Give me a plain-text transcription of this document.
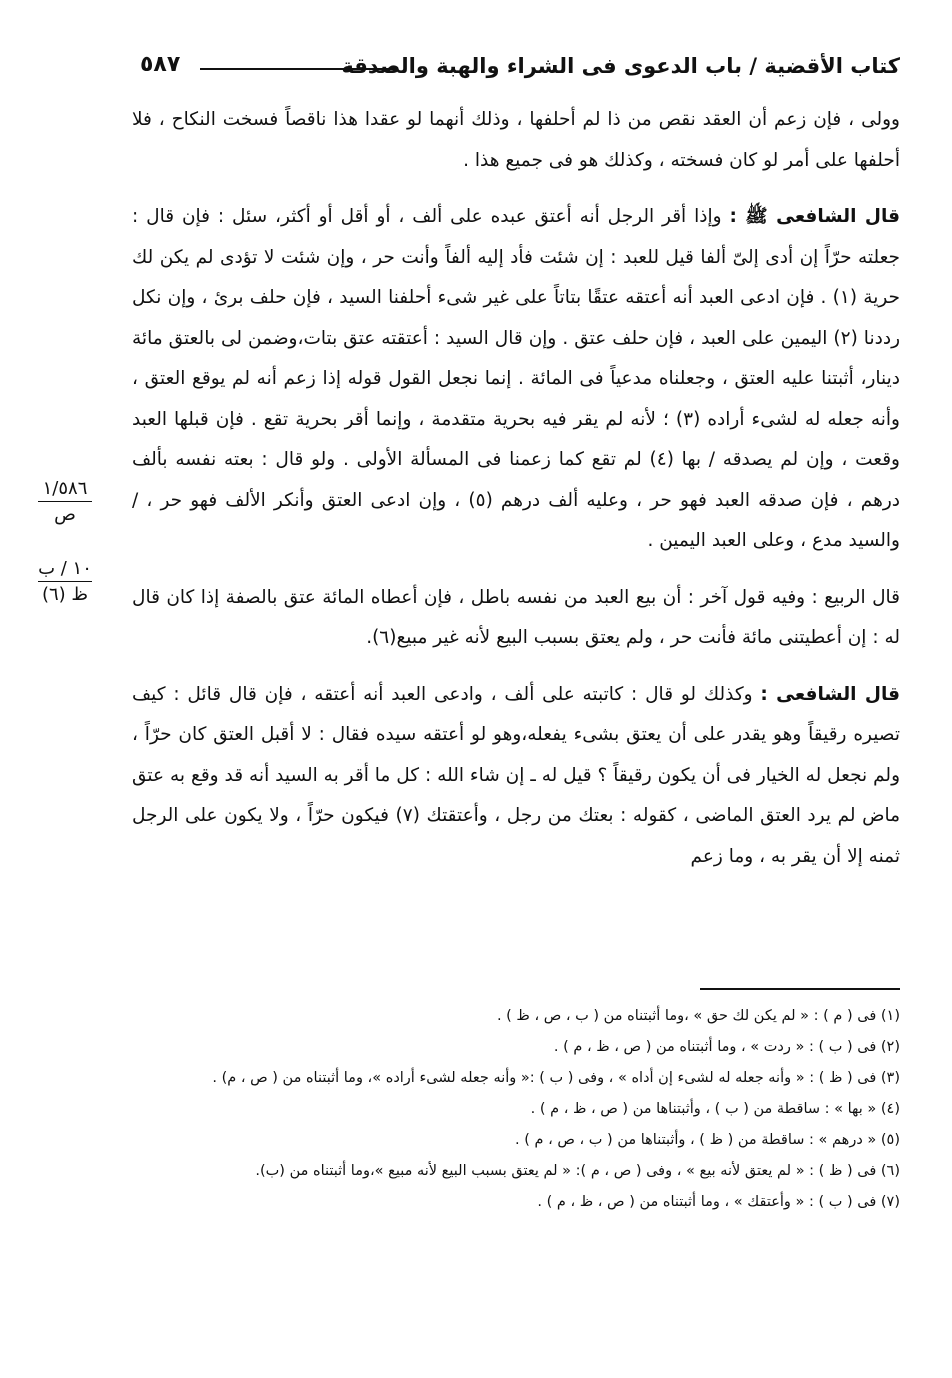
كتاب الأقضية / باب الدعوى فى الشراء والهبة والصدقة
٥٨٧

وولى ، فإن زعم أن العقد نقص من ذا لم أحلفها ، وذلك أنهما لو عقدا هذا ناقصاً فسخت النكاح ، فلا أحلفها على أمر لو كان فسخته ، وكذلك هو فى جميع هذا .

قال الشافعى ﷺ : وإذا أقر الرجل أنه أعتق عبده على ألف ، أو أقل أو أكثر، سئل : فإن قال : جعلته حرّاً إن أدى إلىّ ألفا قيل للعبد : إن شئت فأد إليه ألفاً وأنت حر ، وإن شئت لا تؤدى لم يكن لك حرية (١) . فإن ادعى العبد أنه أعتقه عتقًا بتاتاً على غير شىء أحلفنا السيد ، فإن حلف برئ ، وإن نكل رددنا (٢) اليمين على العبد ، فإن حلف عتق . وإن قال السيد : أعتقته عتق بتات،وضمن لى بالعتق مائة دينار، أثبتنا عليه العتق ، وجعلناه مدعياً فى المائة . إنما نجعل القول قوله إذا زعم أنه لم يوقع العتق ، وأنه جعله له لشىء أراده (٣) ؛ لأنه لم يقر فيه بحرية متقدمة ، وإنما أقر بحرية تقع . فإن قبلها العبد وقعت ، وإن لم يصدقه / بها (٤) لم تقع كما زعمنا فى المسألة الأولى . ولو قال : بعته نفسه بألف درهم ، فإن صدقه العبد فهو حر ، وعليه ألف درهم (٥) ، وإن ادعى العتق وأنكر الألف فهو حر ، / والسيد مدع ، وعلى العبد اليمين .

قال الربيع : وفيه قول آخر : أن بيع العبد من نفسه باطل ، فإن أعطاه المائة عتق بالصفة إذا كان قال له : إن أعطيتنى مائة فأنت حر ، ولم يعتق بسبب البيع لأنه غير مبيع(٦).

قال الشافعى : وكذلك لو قال : كاتبته على ألف ، وادعى العبد أنه أعتقه ، فإن قال قائل : كيف تصيره رقيقاً وهو يقدر على أن يعتق بشىء يفعله،وهو لو أعتقه سيده فقال : لا أقبل العتق كان حرّاً ، ولم نجعل له الخيار فى أن يكون رقيقاً ؟ قيل له ـ إن شاء الله : كل ما أقر به السيد أنه قد وقع به عتق ماض لم يرد العتق الماضى ، كقوله : بعتك من رجل ، وأعتقتك (٧) فيكون حرّاً ، ولا يكون على الرجل ثمنه إلا أن يقر به ، وما زعم

١/٥٨٦
ص
١٠ / ب
ظ (٦)
(١) فى ( م ) : « لم يكن لك حق » ،وما أثبتناه من ( ب ، ص ، ظ ) .
(٢) فى ( ب ) : « ردت » ، وما أثبتناه من ( ص ، ظ ، م ) .
(٣) فى ( ظ ) : « وأنه جعله له لشىء إن أداه » ، وفى ( ب ) :« وأنه جعله لشىء أراده »، وما أثبتناه من ( ص ، م) .
(٤) « بها » : ساقطة من ( ب ) ، وأثبتناها من ( ص ، ظ ، م ) .
(٥) « درهم » : ساقطة من ( ظ ) ، وأثبتناها من ( ب ، ص ، م ) .
(٦) فى ( ظ ) : « لم يعتق لأنه بيع » ، وفى ( ص ، م ): « لم يعتق بسبب البيع لأنه مبيع »،وما أثبتناه من (ب).
(٧) فى ( ب ) : « وأعتقك » ، وما أثبتناه من ( ص ، ظ ، م ) .
